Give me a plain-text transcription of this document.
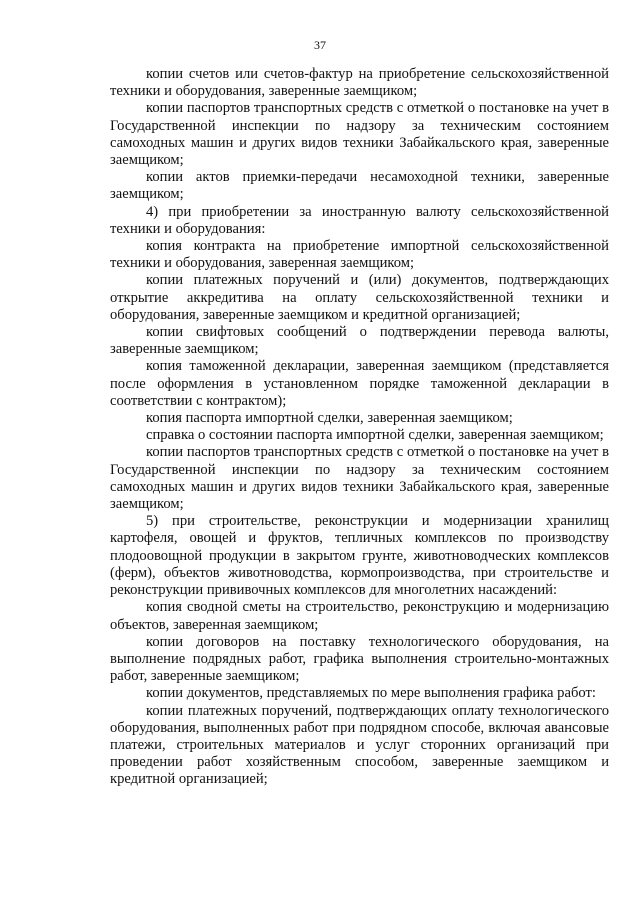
37

копии счетов или счетов-фактур на приобретение сельскохозяйственной техники и оборудования, заверенные заемщиком;

копии паспортов транспортных средств с отметкой о постановке на учет в Государственной инспекции по надзору за техническим состоянием самоходных машин и других видов техники Забайкальского края, заверенные заемщиком;

копии актов приемки-передачи несамоходной техники, заверенные заемщиком;

4) при приобретении за иностранную валюту сельскохозяйственной техники и оборудования:

копия контракта на приобретение импортной сельскохозяйственной техники и оборудования, заверенная заемщиком;

копии платежных поручений и (или) документов, подтверждающих открытие аккредитива на оплату сельскохозяйственной техники и оборудования, заверенные заемщиком и кредитной организацией;

копии свифтовых сообщений о подтверждении перевода валюты, заверенные заемщиком;

копия таможенной декларации, заверенная заемщиком (представляется после оформления в установленном порядке таможенной декларации в соответствии с контрактом);

копия паспорта импортной сделки, заверенная заемщиком;

справка о состоянии паспорта импортной сделки, заверенная заемщиком;

копии паспортов транспортных средств с отметкой о постановке на учет в Государственной инспекции по надзору за техническим состоянием самоходных машин и других видов техники Забайкальского края, заверенные заемщиком;

5) при строительстве, реконструкции и модернизации хранилищ картофеля, овощей и фруктов, тепличных комплексов по производству плодоовощной продукции в закрытом грунте, животноводческих комплексов (ферм), объектов животноводства, кормопроизводства, при строительстве и реконструкции прививочных комплексов для многолетних насаждений:

копия сводной сметы на строительство, реконструкцию и модернизацию объектов, заверенная заемщиком;

копии договоров на поставку технологического оборудования, на выполнение подрядных работ, графика выполнения строительно-монтажных работ, заверенные заемщиком;

копии документов, представляемых по мере выполнения графика работ:

копии платежных поручений, подтверждающих оплату технологического оборудования, выполненных работ при подрядном способе, включая авансовые платежи, строительных материалов и услуг сторонних организаций при проведении работ хозяйственным способом, заверенные заемщиком и кредитной организацией;
